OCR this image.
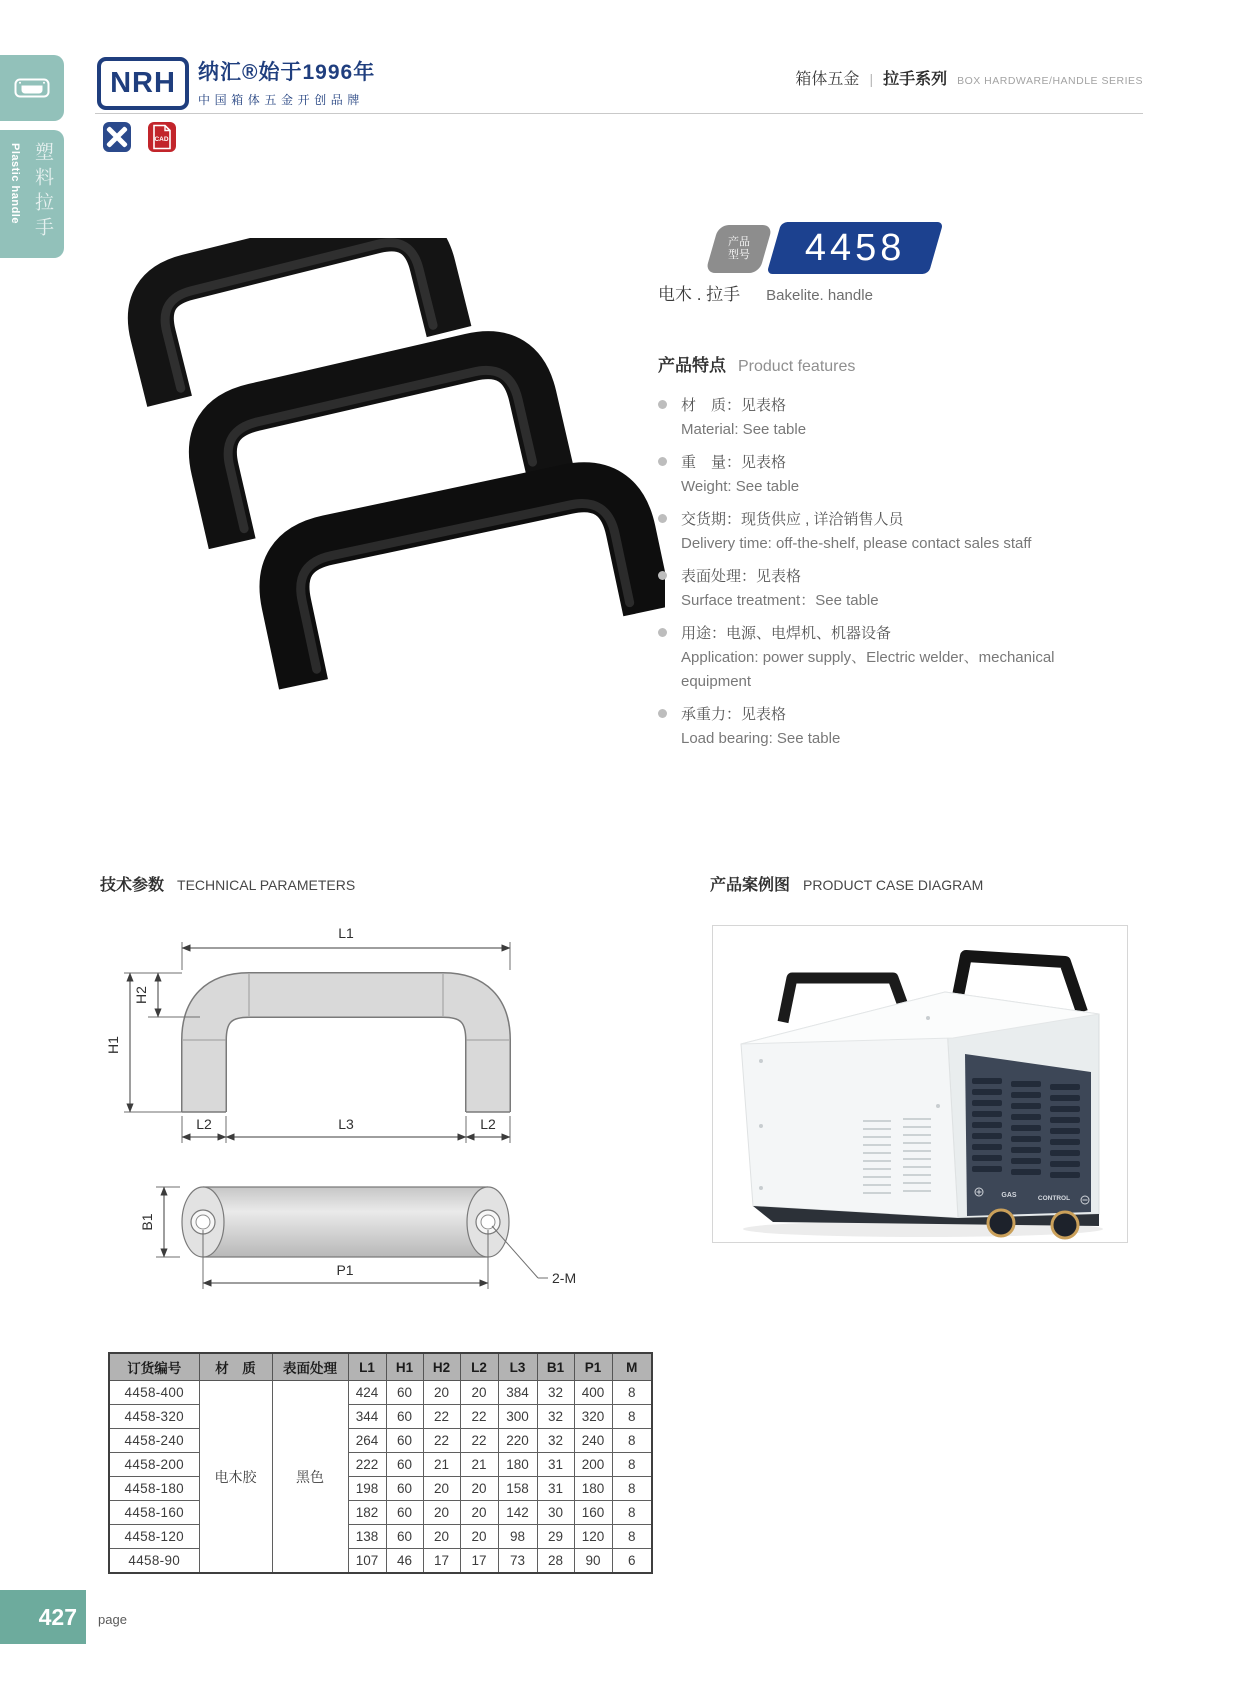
塑料拉手
Plastic handle
NRH	纳汇®始于1996年
中国箱体五金开创品牌
箱体五金 | 拉手系列 BOX HARDWARE/HANDLE SERIES
CAD
产品
型号 4458
电木 . 拉手 Bakelite. handle
产品特点 Product features
材　质：见表格
Material: See table
重　量：见表格
Weight: See table
交货期：现货供应 , 详洽销售人员
Delivery time: off-the-shelf, please contact sales staff
表面处理：见表格
Surface treatment：See table
用途：电源、电焊机、机器设备
Application: power supply、Electric welder、mechanical equipment
承重力：见表格
Load bearing: See table
技术参数 TECHNICAL PARAMETERS	产品案例图 PRODUCT CASE DIAGRAM
L1
H2
H1
L2	L3	L2
B1
P1	2-M
GAS	CONTROL
订货编号	材　质	表面处理	L1	H1	H2	L2	L3	B1	P1	M
4458-400	电木胶	黑色	424	60	20	20	384	32	400	8
4458-320			344	60	22	22	300	32	320	8
4458-240			264	60	22	22	220	32	240	8
4458-200			222	60	21	21	180	31	200	8
4458-180			198	60	20	20	158	31	180	8
4458-160			182	60	20	20	142	30	160	8
4458-120			138	60	20	20	98	29	120	8
4458-90			107	46	17	17	73	28	90	6
427	page
